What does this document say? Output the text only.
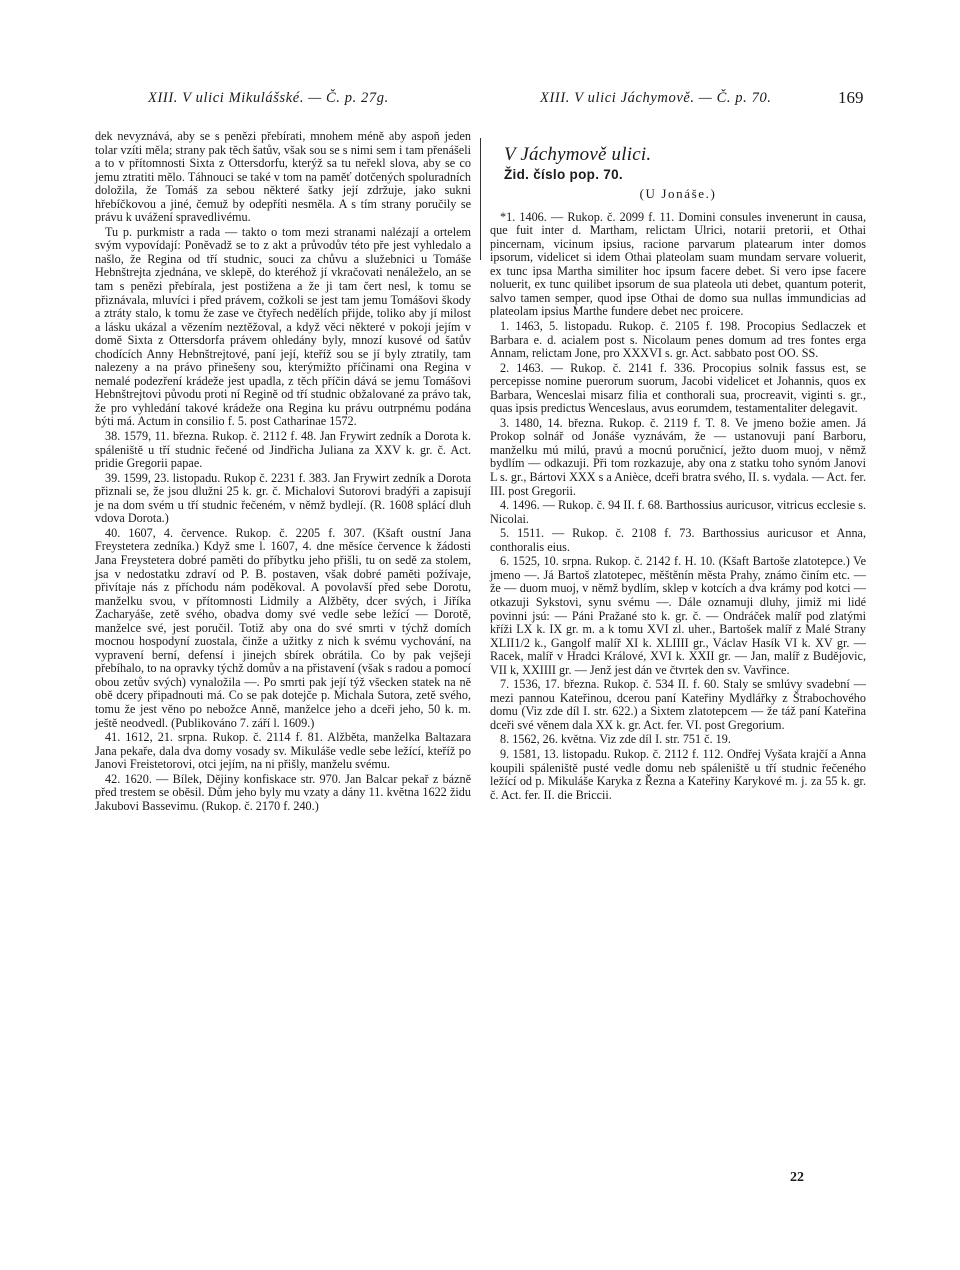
XIII. V ulici Mikulášské. — Č. p. 27g.	XIII. V ulici Jáchymově. — Č. p. 70.	169

dek nevyznává, aby se s penězi přebírati, mnohem méně aby aspoň jeden tolar vzíti měla; strany pak těch šatův, však sou se s nimi sem i tam přenášeli a to v přítomnosti Sixta z Ottersdorfu, kterýž sa tu neřekl slova, aby se co jemu ztratiti mělo. Táhnouci se také v tom na paměť dotčených spoluradních doložila, že Tomáš za sebou některé šatky její zdržuje, jako sukni hřebíčkovou a jiné, čemuž by odepříti nesměla. A s tím strany poručily se právu k uvážení spravedlivému.

Tu p. purkmistr a rada — takto o tom mezi stranami nalézají a ortelem svým vypovídají: Poněvadž se to z akt a průvodův této pře jest vyhledalo a našlo, že Regina od tří studnic, souci za chůvu a služebnici u Tomáše Hebnštrejta zjednána, ve sklepě, do kteréhož jí vkračovati nenáleželo, an se tam s penězi přebírala, jest postižena a že ji tam čert nesl, k tomu se přiznávala, mluvíci i před právem, cožkoli se jest tam jemu Tomášovi škody a ztráty stalo, k tomu že zase ve čtyřech nedělích přijde, toliko aby jí milost a lásku ukázal a vězením neztěžoval, a když věci některé v pokoji jejím v domě Sixta z Ottersdorfa právem ohledány byly, mnozí kusové od šatův chodících Anny Hebnštrejtové, paní její, kteříž sou se jí byly ztratily, tam nalezeny a na právo přinešeny sou, kterýmižto příčinami ona Regina v nemalé podezření krádeže jest upadla, z těch příčin dává se jemu Tomášovi Hebnštrejtovi původu proti ní Regině od tří studnic obžalované za právo tak, že pro vyhledání takové krádeže ona Regina ku právu outrpnému podána býti má. Actum in consilio f. 5. post Catharinae 1572.

38. 1579, 11. března. Rukop. č. 2112 f. 48. Jan Frywirt zedník a Dorota k. spáleniště u tří studnic řečené od Jindřicha Juliana za XXV k. gr. č. Act. pridie Gregorii papae.

39. 1599, 23. listopadu. Rukop č. 2231 f. 383. Jan Frywirt zedník a Dorota přiznali se, že jsou dlužni 25 k. gr. č. Michalovi Sutorovi bradýři a zapisují je na dom svém u tří studnic řečeném, v němž bydlejí. (R. 1608 splácí dluh vdova Dorota.)

40. 1607, 4. července. Rukop. č. 2205 f. 307. (Kšaft oustní Jana Freystetera zedníka.) Když sme l. 1607, 4. dne měsíce července k žádosti Jana Freystetera dobré paměti do příbytku jeho přišli, tu on sedě za stolem, jsa v nedostatku zdraví od P. B. postaven, však dobré paměti požívaje, přivítaje nás z příchodu nám poděkoval. A povolavší před sebe Dorotu, manželku svou, v přítomnosti Lidmily a Alžběty, dcer svých, i Jiříka Zacharyáše, zetě svého, obadva domy své vedle sebe ležící — Dorotě, manželce své, jest poručil. Totiž aby ona do své smrti v týchž domích mocnou hospodyní zuostala, činže a užitky z nich k svému vychování, na vypravení berní, defensí i jinejch sbírek obrátila. Co by pak vejšeji přebíhalo, to na opravky týchž domův a na přistavení (však s radou a pomocí obou zetův svých) vynaložila —. Po smrti pak její týž všecken statek na ně obě dcery připadnouti má. Co se pak dotejče p. Michala Sutora, zetě svého, tomu že jest věno po nebožce Anně, manželce jeho a dceři jeho, 50 k. m. ještě neodvedl. (Publikováno 7. září l. 1609.)

41. 1612, 21. srpna. Rukop. č. 2114 f. 81. Alžběta, manželka Baltazara Jana pekaře, dala dva domy vosady sv. Mikuláše vedle sebe ležící, kteříž po Janovi Freistetorovi, otci jejím, na ni přišly, manželu svému.

42. 1620. — Bílek, Dějiny konfiskace str. 970. Jan Balcar pekař z bázně před trestem se oběsil. Dům jeho byly mu vzaty a dány 11. května 1622 židu Jakubovi Bassevimu. (Rukop. č. 2170 f. 240.)

V Jáchymově ulici.
Žid. číslo pop. 70.
(U Jonáše.)

*1. 1406. — Rukop. č. 2099 f. 11. Domini consules invenerunt in causa, que fuit inter d. Martham, relictam Ulrici, notarii pretorii, et Othai pincernam, vicinum ipsius, racione parvarum platearum inter domos ipsorum, videlicet si idem Othai plateolam suam mundam servare voluerit, ex tunc ipsa Martha similiter hoc ipsum facere debet. Si vero ipse facere noluerit, ex tunc quilibet ipsorum de sua plateola uti debet, quantum poterit, salvo tamen semper, quod ipse Othai de domo sua nullas immundicias ad plateolam ipsius Marthe fundere debet nec proicere.

1. 1463, 5. listopadu. Rukop. č. 2105 f. 198. Procopius Sedlaczek et Barbara e. d. acialem post s. Nicolaum penes domum ad tres fontes erga Annam, relictam Jone, pro XXXVI s. gr. Act. sabbato post OO. SS.

2. 1463. — Rukop. č. 2141 f. 336. Procopius solnik fassus est, se percepisse nomine puerorum suorum, Jacobi videlicet et Johannis, quos ex Barbara, Wenceslai misarz filia et conthorali sua, procreavit, viginti s. gr., quas ipsis predictus Wenceslaus, avus eorumdem, testamentaliter delegavit.

3. 1480, 14. března. Rukop. č. 2119 f. T. 8. Ve jmeno božie amen. Já Prokop solnář od Jonáše vyznávám, že — ustanovuji paní Barboru, manželku mú milú, pravú a mocnú poručnicí, ježto duom muoj, v němž bydlím — odkazuji. Při tom rozkazuje, aby ona z statku toho synóm Janovi L s. gr., Bártovi XXX s a Anièce, dceři bratra svého, II. s. vydala. — Act. fer. III. post Gregorii.

4. 1496. — Rukop. č. 94 II. f. 68. Barthossius auricusor, vitricus ecclesie s. Nicolai.

5. 1511. — Rukop. č. 2108 f. 73. Barthossius auricusor et Anna, conthoralis eius.

6. 1525, 10. srpna. Rukop. č. 2142 f. H. 10. (Kšaft Bartoše zlatotepce.) Ve jmeno —. Já Bartoš zlatotepec, měštěnín města Prahy, známo činím etc. — že — duom muoj, v němž bydlím, sklep v kotcích a dva krámy pod kotci — otkazuji Sykstovi, synu svému —. Dále oznamuji dluhy, jimiž mi lidé povinni jsú: — Páni Pražané sto k. gr. č. — Ondráček malíř pod zlatými kříži LX k. IX gr. m. a k tomu XVI zl. uher., Bartošek malíř z Malé Strany XLII1/2 k., Gangolf malíř XI k. XLIIII gr., Václav Hasík VI k. XV gr. — Racek, malíř v Hradci Králové, XVI k. XXII gr. — Jan, malíř z Budějovic, VII k, XXIIII gr. — Jenž jest dán ve čtvrtek den sv. Vavřince.

7. 1536, 17. března. Rukop. č. 534 II. f. 60. Staly se smlúvy svadební — mezi pannou Kateřinou, dcerou paní Kateřiny Mydlářky z Štrabochového domu (Viz zde díl I. str. 622.) a Sixtem zlatotepcem — že táž paní Kateřina dceři své věnem dala XX k. gr. Act. fer. VI. post Gregorium.

8. 1562, 26. května. Viz zde díl I. str. 751 č. 19.

9. 1581, 13. listopadu. Rukop. č. 2112 f. 112. Ondřej Vyšata krajčí a Anna koupili spáleniště pusté vedle domu neb spáleniště u tří studnic řečeného ležící od p. Mikuláše Karyka z Řezna a Kateřiny Karykové m. j. za 55 k. gr. č. Act. fer. II. die Briccii.

22
